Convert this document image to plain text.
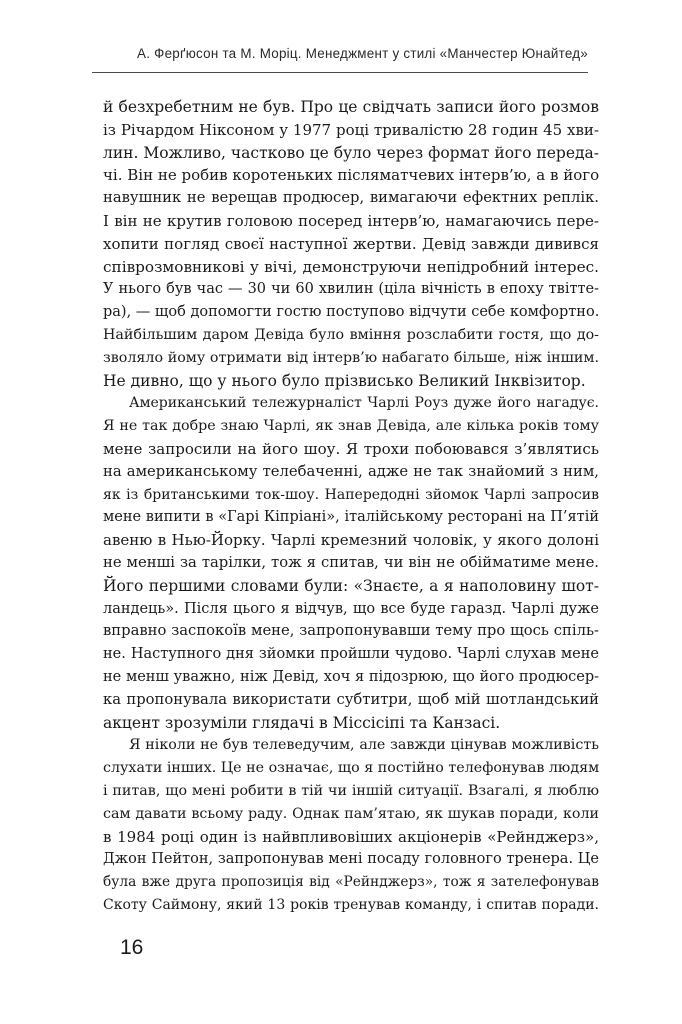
А. Ферґюсон та М. Моріц. Менеджмент у стилі «Манчестер Юнайтед»

й безхребетним не був. Про це свідчать записи його розмов
із Річардом Ніксоном у 1977 році тривалістю 28 годин 45 хви-
лин. Можливо, частково це було через формат його переда-
чі. Він не робив коротеньких післяматчевих інтерв’ю, а в його
навушник не верещав продюсер, вимагаючи ефектних реплік.
І він не крутив головою посеред інтерв’ю, намагаючись пере-
хопити погляд своєї наступної жертви. Девід завжди дивився
співрозмовникові у вічі, демонструючи непідробний інтерес.
У нього був час — 30 чи 60 хвилин (ціла вічність в епоху твіттe-
ра), — щоб допомогти гостю поступово відчути себе комфортно.
Найбільшим даром Девіда було вміння розслабити гостя, що до-
зволяло йому отримати від інтерв’ю набагато більше, ніж іншим.
Не дивно, що у нього було прізвисько Великий Інквізитор.

Американський тележурналіст Чарлі Роуз дуже його нагадує.
Я не так добре знаю Чарлі, як знав Девіда, але кілька років тому
мене запросили на його шоу. Я трохи побоювався з’являтись
на американському телебаченні, адже не так знайомий з ним,
як із британськими ток-шоу. Напередодні зйомок Чарлі запросив
мене випити в «Гарі Кіпріані», італійському ресторані на П’ятій
авеню в Нью-Йорку. Чарлі кремезний чоловік, у якого долоні
не менші за тарілки, тож я спитав, чи він не обійматиме мене.
Його першими словами були: «Знаєте, а я наполовину шот-
ландець». Після цього я відчув, що все буде гаразд. Чарлі дуже
вправно заспокоїв мене, запропонувавши тему про щось спіль-
не. Наступного дня зйомки пройшли чудово. Чарлі слухав мене
не менш уважно, ніж Девід, хоч я підозрюю, що його продюсер-
ка пропонувала використати субтитри, щоб мій шотландський
акцент зрозуміли глядачі в Міссісіпі та Канзасі.

Я ніколи не був телеведучим, але завжди цінував можливість
слухати інших. Це не означає, що я постійно телефонував людям
і питав, що мені робити в тій чи іншій ситуації. Взагалі, я люблю
сам давати всьому раду. Однак пам’ятаю, як шукав поради, коли
в 1984 році один із найвпливовіших акціонерів «Рейнджерз»,
Джон Пейтон, запропонував мені посаду головного тренера. Це
була вже друга пропозиція від «Рейнджерз», тож я зателефонував
Скоту Саймону, який 13 років тренував команду, і спитав поради.

16
